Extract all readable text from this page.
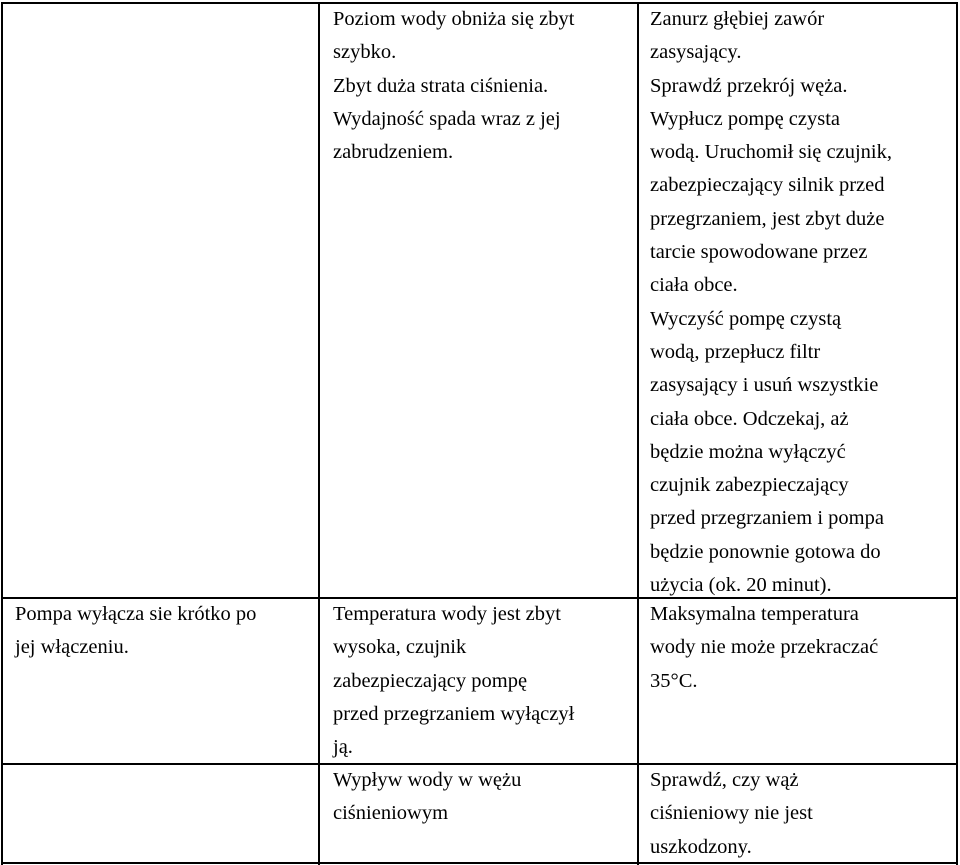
Poziom wody obniża się zbyt
szybko.
Zbyt duża strata ciśnienia.
Wydajność spada wraz z jej
zabrudzeniem.
Zanurz głębiej zawór
zasysający.
Sprawdź przekrój węża.
Wypłucz pompę czysta
wodą. Uruchomił się czujnik,
zabezpieczający silnik przed
przegrzaniem, jest zbyt duże
tarcie spowodowane przez
ciała obce.
Wyczyść pompę czystą
wodą, przepłucz filtr
zasysający i usuń wszystkie
ciała obce. Odczekaj, aż
będzie można wyłączyć
czujnik zabezpieczający
przed przegrzaniem i pompa
będzie ponownie gotowa do
użycia (ok. 20 minut).
Pompa wyłącza sie krótko po
jej włączeniu.
Temperatura wody jest zbyt
wysoka, czujnik
zabezpieczający pompę
przed przegrzaniem wyłączył
ją.
Maksymalna temperatura
wody nie może przekraczać
35°C.
Wypływ wody w wężu
ciśnieniowym
Sprawdź, czy wąż
ciśnieniowy nie jest
uszkodzony.
